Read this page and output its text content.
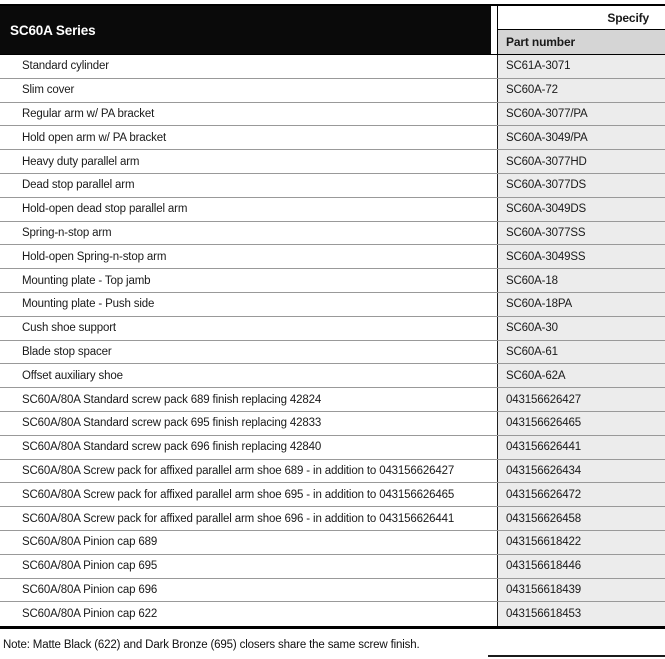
SC60A Series
Specify
Part number
Standard cylinder	SC61A-3071
Slim cover	SC60A-72
Regular arm w/ PA bracket	SC60A-3077/PA
Hold open arm w/ PA bracket	SC60A-3049/PA
Heavy duty parallel arm	SC60A-3077HD
Dead stop parallel arm	SC60A-3077DS
Hold-open dead stop parallel arm	SC60A-3049DS
Spring-n-stop arm	SC60A-3077SS
Hold-open Spring-n-stop arm	SC60A-3049SS
Mounting plate - Top jamb	SC60A-18
Mounting plate - Push side	SC60A-18PA
Cush shoe support	SC60A-30
Blade stop spacer	SC60A-61
Offset auxiliary shoe	SC60A-62A
SC60A/80A Standard screw pack 689 finish replacing 42824	043156626427
SC60A/80A Standard screw pack 695 finish replacing 42833	043156626465
SC60A/80A Standard screw pack 696 finish replacing 42840	043156626441
SC60A/80A Screw pack for affixed parallel arm shoe 689 - in addition to 043156626427	043156626434
SC60A/80A Screw pack for affixed parallel arm shoe 695 - in addition to 043156626465	043156626472
SC60A/80A Screw pack for affixed parallel arm shoe 696 - in addition to 043156626441	043156626458
SC60A/80A Pinion cap 689	043156618422
SC60A/80A Pinion cap 695	043156618446
SC60A/80A Pinion cap 696	043156618439
SC60A/80A Pinion cap 622	043156618453
Note: Matte Black (622) and Dark Bronze (695) closers share the same screw finish.
